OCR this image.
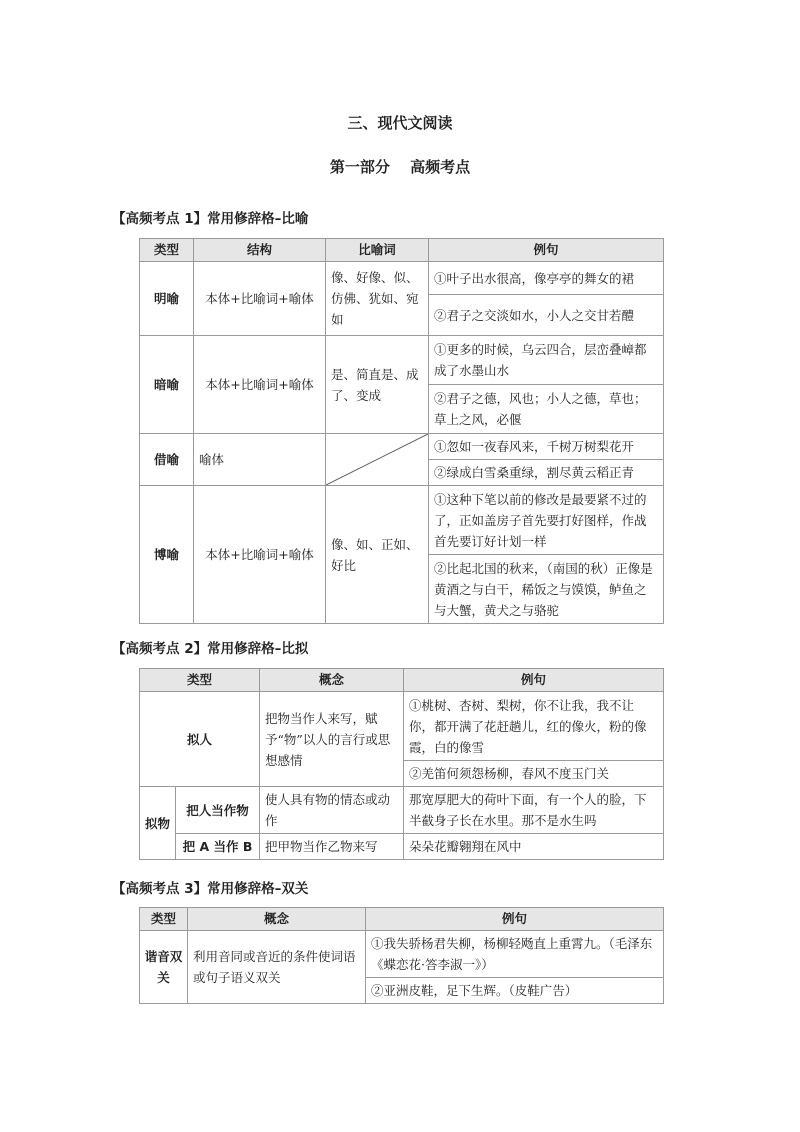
三、现代文阅读
第一部分　 高频考点
【高频考点 1】常用修辞格–比喻
类型	结构	比喻词	例句
明喻	本体+比喻词+喻体	像、好像、似、仿佛、犹如、宛如	①叶子出水很高，像亭亭的舞女的裙
			②君子之交淡如水，小人之交甘若醴
暗喻	本体+比喻词+喻体	是、简直是、成了、变成	①更多的时候，乌云四合，层峦叠嶂都成了水墨山水
			②君子之德，风也；小人之德，草也；草上之风，必偃
借喻	喻体		①忽如一夜春风来，千树万树梨花开
			②绿成白雪桑重绿，割尽黄云稻正青
博喻	本体+比喻词+喻体	像、如、正如、好比	①这种下笔以前的修改是最要紧不过的了，正如盖房子首先要打好图样，作战首先要订好计划一样
			②比起北国的秋来，（南国的秋）正像是黄酒之与白干，稀饭之与馍馍，鲈鱼之与大蟹，黄犬之与骆驼
【高频考点 2】常用修辞格–比拟
类型		概念	例句
拟人		把物当作人来写，赋予“物”以人的言行或思想感情	①桃树、杏树、梨树，你不让我，我不让你，都开满了花赶趟儿，红的像火，粉的像霞，白的像雪
			②羌笛何须怨杨柳，春风不度玉门关
拟物	把人当作物	使人具有物的情态或动作	那宽厚肥大的荷叶下面，有一个人的脸，下半截身子长在水里。那不是水生吗
	把 A 当作 B	把甲物当作乙物来写	朵朵花瓣翱翔在风中
【高频考点 3】常用修辞格–双关
类型	概念	例句
谐音双关	利用音同或音近的条件使词语或句子语义双关	①我失骄杨君失柳，杨柳轻飏直上重霄九。（毛泽东《蝶恋花·答李淑一》）
		②亚洲皮鞋，足下生辉。（皮鞋广告）
